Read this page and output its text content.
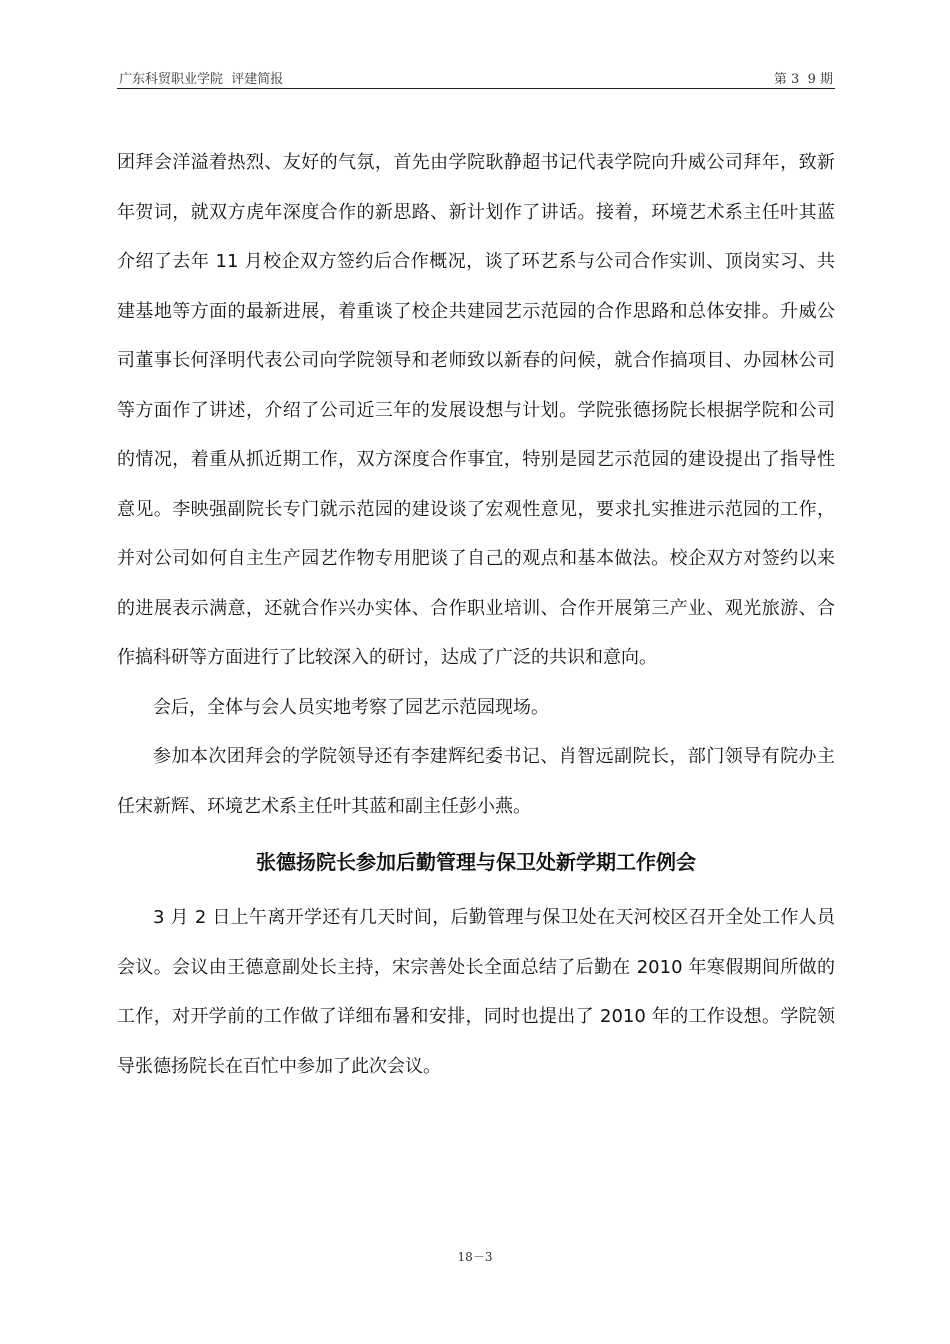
广东科贸职业学院  评建简报	第 3  9 期

团拜会洋溢着热烈、友好的气氛，首先由学院耿静超书记代表学院向升威公司拜年，致新年贺词，就双方虎年深度合作的新思路、新计划作了讲话。接着，环境艺术系主任叶其蓝介绍了去年 11 月校企双方签约后合作概况，谈了环艺系与公司合作实训、顶岗实习、共建基地等方面的最新进展，着重谈了校企共建园艺示范园的合作思路和总体安排。升威公司董事长何泽明代表公司向学院领导和老师致以新春的问候，就合作搞项目、办园林公司等方面作了讲述，介绍了公司近三年的发展设想与计划。学院张德扬院长根据学院和公司的情况，着重从抓近期工作，双方深度合作事宜，特别是园艺示范园的建设提出了指导性意见。李映强副院长专门就示范园的建设谈了宏观性意见，要求扎实推进示范园的工作，并对公司如何自主生产园艺作物专用肥谈了自己的观点和基本做法。校企双方对签约以来的进展表示满意，还就合作兴办实体、合作职业培训、合作开展第三产业、观光旅游、合作搞科研等方面进行了比较深入的研讨，达成了广泛的共识和意向。

会后，全体与会人员实地考察了园艺示范园现场。

参加本次团拜会的学院领导还有李建辉纪委书记、肖智远副院长，部门领导有院办主任宋新辉、环境艺术系主任叶其蓝和副主任彭小燕。

张德扬院长参加后勤管理与保卫处新学期工作例会

3 月 2 日上午离开学还有几天时间，后勤管理与保卫处在天河校区召开全处工作人员会议。会议由王德意副处长主持，宋宗善处长全面总结了后勤在 2010 年寒假期间所做的工作，对开学前的工作做了详细布暑和安排，同时也提出了 2010 年的工作设想。学院领导张德扬院长在百忙中参加了此次会议。

18－3
